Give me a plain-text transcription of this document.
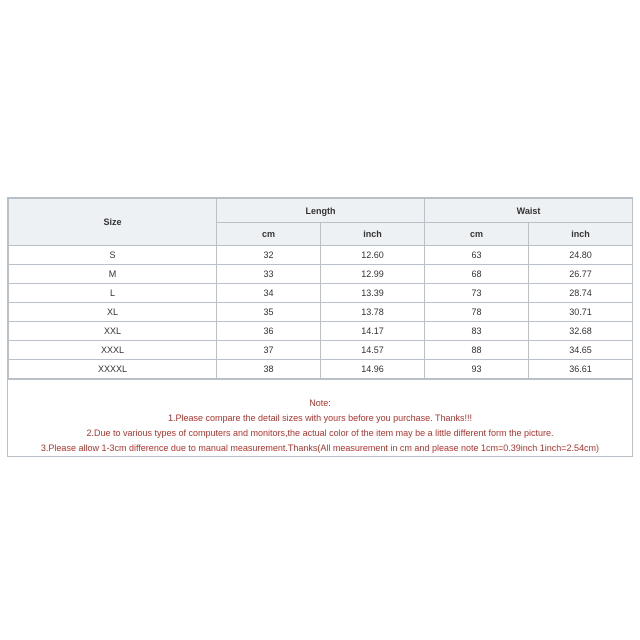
Size	Length		Waist	
	cm	inch	cm	inch
S	32	12.60	63	24.80
M	33	12.99	68	26.77
L	34	13.39	73	28.74
XL	35	13.78	78	30.71
XXL	36	14.17	83	32.68
XXXL	37	14.57	88	34.65
XXXXL	38	14.96	93	36.61
Note:
1.Please compare the detail sizes with yours before you purchase. Thanks!!!
2.Due to various types of computers and monitors,the actual color of the item may be a little different form the picture.
3.Please allow 1-3cm difference due to manual measurement.Thanks(All measurement in cm and please note 1cm=0.39inch 1inch=2.54cm)
